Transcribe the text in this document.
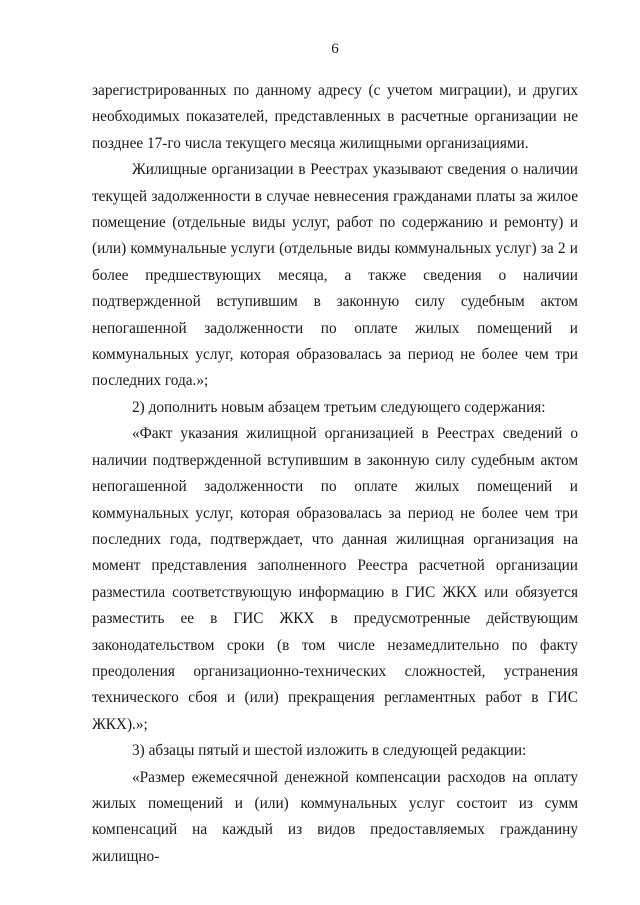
6

зарегистрированных по данному адресу (с учетом миграции), и других необходимых показателей, представленных в расчетные организации не позднее 17-го числа текущего месяца жилищными организациями.

Жилищные организации в Реестрах указывают сведения о наличии текущей задолженности в случае невнесения гражданами платы за жилое помещение (отдельные виды услуг, работ по содержанию и ремонту) и (или) коммунальные услуги (отдельные виды коммунальных услуг) за 2 и более предшествующих месяца, а также сведения о наличии подтвержденной вступившим в законную силу судебным актом непогашенной задолженности по оплате жилых помещений и коммунальных услуг, которая образовалась за период не более чем три последних года.»;

2) дополнить новым абзацем третьим следующего содержания:

«Факт указания жилищной организацией в Реестрах сведений о наличии подтвержденной вступившим в законную силу судебным актом непогашенной задолженности по оплате жилых помещений и коммунальных услуг, которая образовалась за период не более чем три последних года, подтверждает, что данная жилищная организация на момент представления заполненного Реестра расчетной организации разместила соответствующую информацию в ГИС ЖКХ или обязуется разместить ее в ГИС ЖКХ в предусмотренные действующим законодательством сроки (в том числе незамедлительно по факту преодоления организационно-технических сложностей, устранения технического сбоя и (или) прекращения регламентных работ в ГИС ЖКХ).»;

3) абзацы пятый и шестой изложить в следующей редакции:

«Размер ежемесячной денежной компенсации расходов на оплату жилых помещений и (или) коммунальных услуг состоит из сумм компенсаций на каждый из видов предоставляемых гражданину жилищно-
